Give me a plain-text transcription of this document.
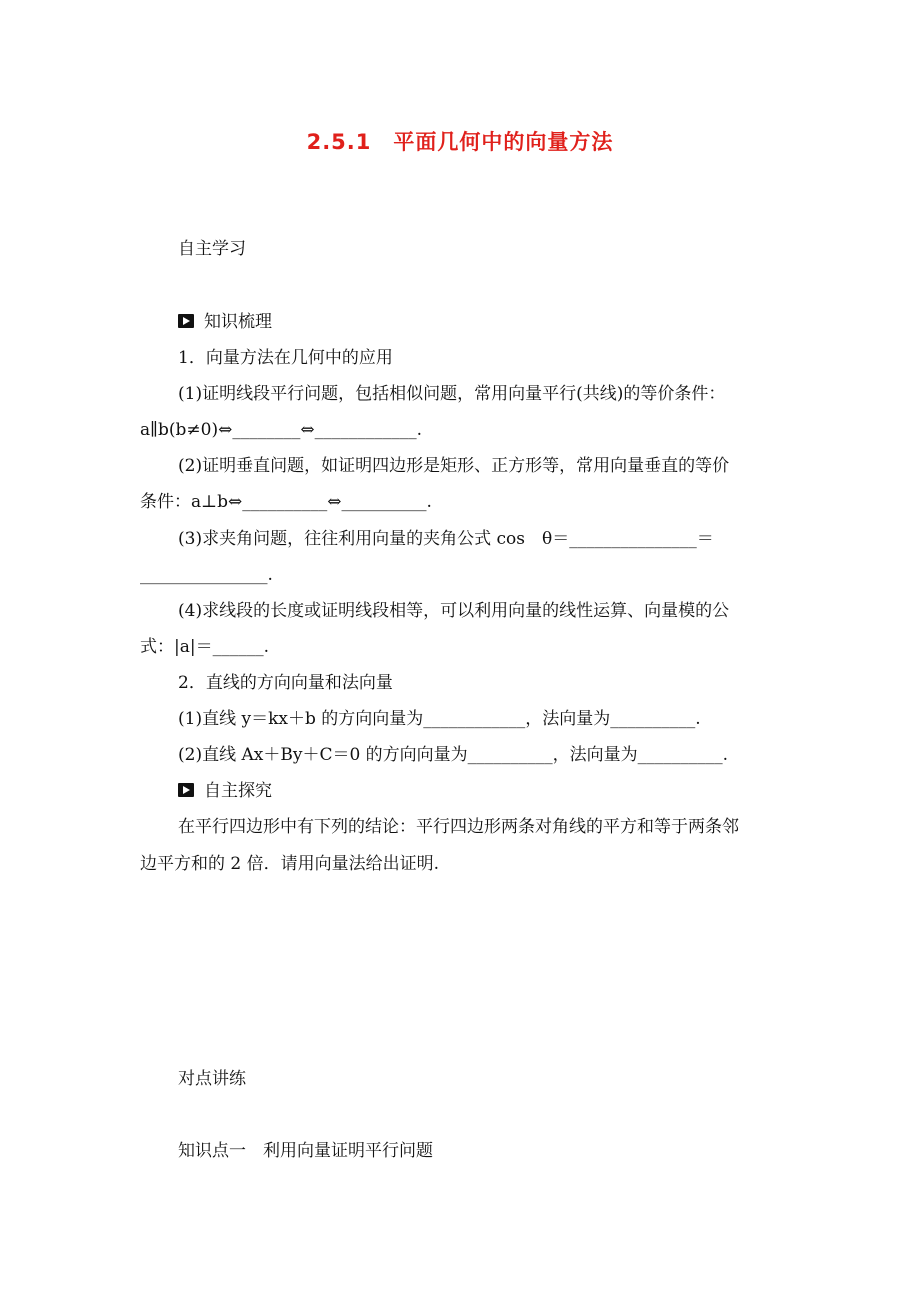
2.5.1　平面几何中的向量方法
自主学习
知识梳理
1．向量方法在几何中的应用
(1)证明线段平行问题，包括相似问题，常用向量平行(共线)的等价条件：
a∥b(b≠0)⇔________⇔____________.
(2)证明垂直问题，如证明四边形是矩形、正方形等，常用向量垂直的等价
条件：a⊥b⇔__________⇔__________.
(3)求夹角问题，往往利用向量的夹角公式 cos　θ＝_______________＝
_______________.
(4)求线段的长度或证明线段相等，可以利用向量的线性运算、向量模的公
式：|a|＝______.
2．直线的方向向量和法向量
(1)直线 y＝kx＋b 的方向向量为____________，法向量为__________.
(2)直线 Ax＋By＋C＝0 的方向向量为__________，法向量为__________.
自主探究
在平行四边形中有下列的结论：平行四边形两条对角线的平方和等于两条邻
边平方和的 2 倍．请用向量法给出证明.
对点讲练
知识点一　利用向量证明平行问题
